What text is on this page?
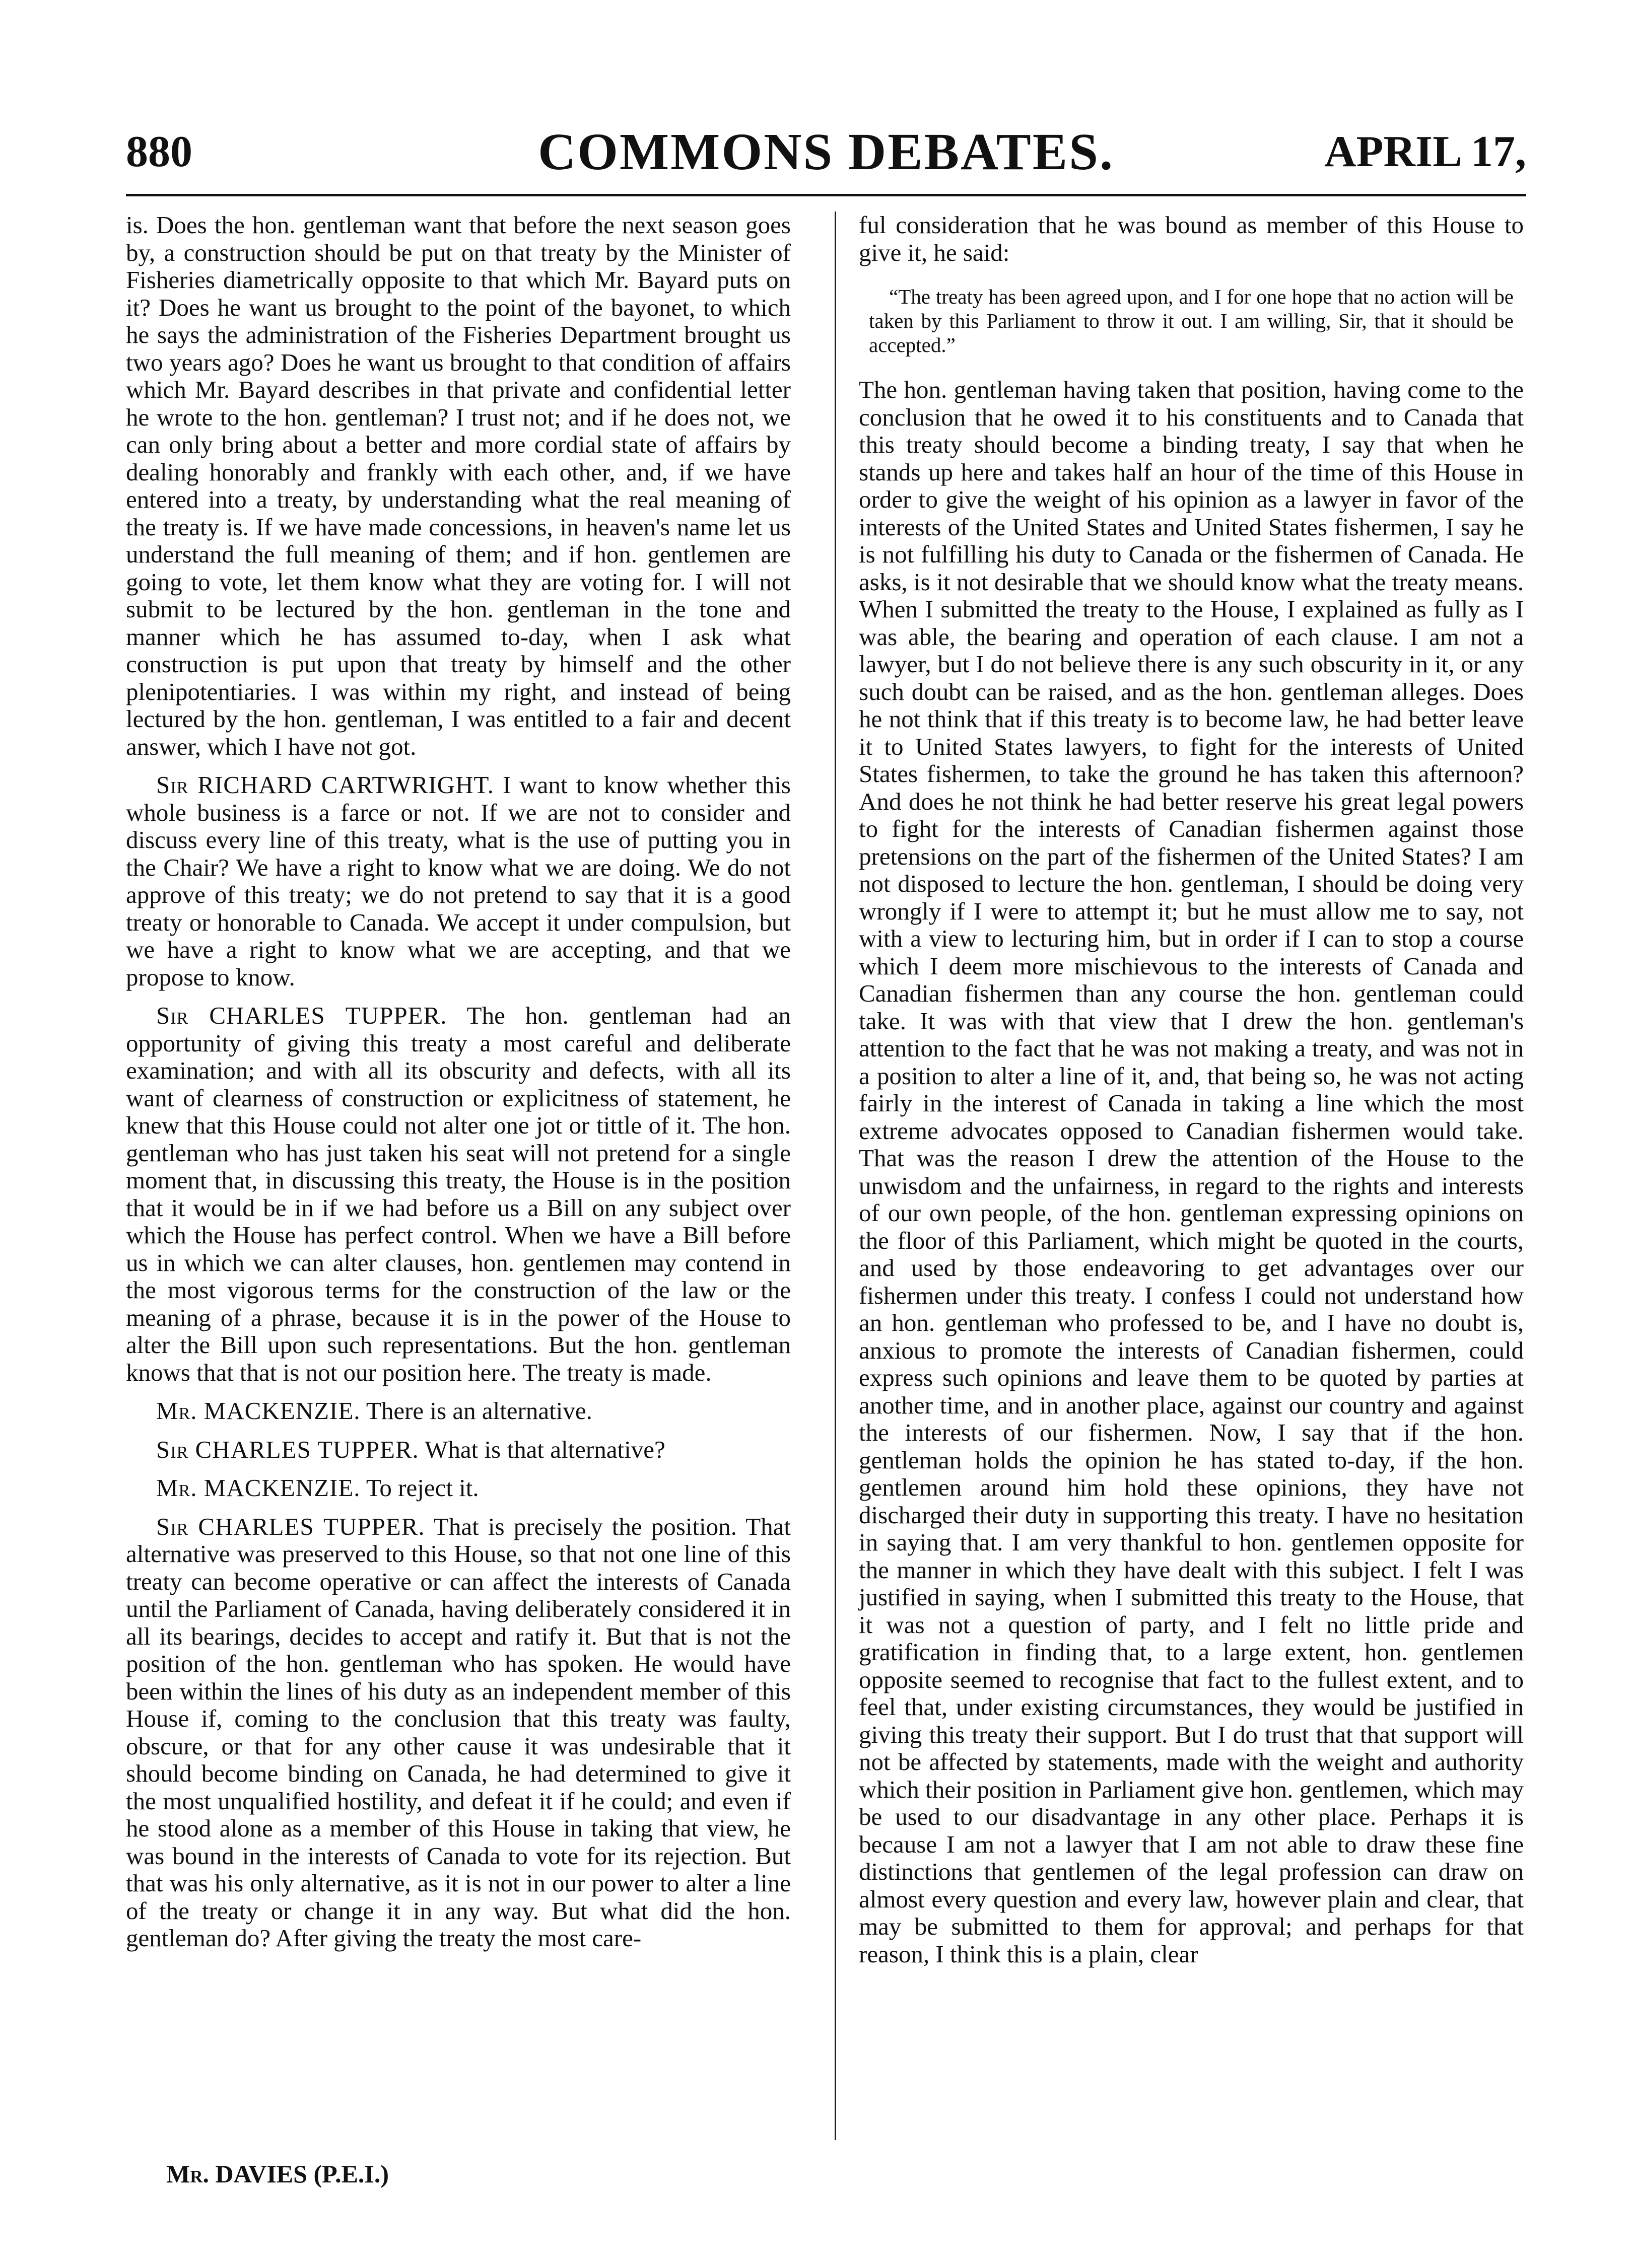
880	COMMONS DEBATES.	APRIL 17,

is. Does the hon. gentleman want that before the next season goes by, a construction should be put on that treaty by the Minister of Fisheries diametrically opposite to that which Mr. Bayard puts on it? Does he want us brought to the point of the bayonet, to which he says the administration of the Fisheries Department brought us two years ago? Does he want us brought to that condition of affairs which Mr. Bayard describes in that private and confidential letter he wrote to the hon. gentleman? I trust not; and if he does not, we can only bring about a better and more cordial state of affairs by dealing honorably and frankly with each other, and, if we have entered into a treaty, by understanding what the real meaning of the treaty is. If we have made concessions, in heaven's name let us understand the full meaning of them; and if hon. gentlemen are going to vote, let them know what they are voting for. I will not submit to be lectured by the hon. gentleman in the tone and manner which he has assumed to-day, when I ask what construction is put upon that treaty by himself and the other plenipotentiaries. I was within my right, and instead of being lectured by the hon. gentleman, I was entitled to a fair and decent answer, which I have not got.

Sir RICHARD CARTWRIGHT. I want to know whether this whole business is a farce or not. If we are not to consider and discuss every line of this treaty, what is the use of putting you in the Chair? We have a right to know what we are doing. We do not approve of this treaty; we do not pretend to say that it is a good treaty or honorable to Canada. We accept it under compulsion, but we have a right to know what we are accepting, and that we propose to know.

Sir CHARLES TUPPER. The hon. gentleman had an opportunity of giving this treaty a most careful and deliberate examination; and with all its obscurity and defects, with all its want of clearness of construction or explicitness of statement, he knew that this House could not alter one jot or tittle of it. The hon. gentleman who has just taken his seat will not pretend for a single moment that, in discussing this treaty, the House is in the position that it would be in if we had before us a Bill on any subject over which the House has perfect control. When we have a Bill before us in which we can alter clauses, hon. gentlemen may contend in the most vigorous terms for the construction of the law or the meaning of a phrase, because it is in the power of the House to alter the Bill upon such representations. But the hon. gentleman knows that that is not our position here. The treaty is made.

Mr. MACKENZIE. There is an alternative.

Sir CHARLES TUPPER. What is that alternative?

Mr. MACKENZIE. To reject it.

Sir CHARLES TUPPER. That is precisely the position. That alternative was preserved to this House, so that not one line of this treaty can become operative or can affect the interests of Canada until the Parliament of Canada, having deliberately considered it in all its bearings, decides to accept and ratify it. But that is not the position of the hon. gentleman who has spoken. He would have been within the lines of his duty as an independent member of this House if, coming to the conclusion that this treaty was faulty, obscure, or that for any other cause it was undesirable that it should become binding on Canada, he had determined to give it the most unqualified hostility, and defeat it if he could; and even if he stood alone as a member of this House in taking that view, he was bound in the interests of Canada to vote for its rejection. But that was his only alternative, as it is not in our power to alter a line of the treaty or change it in any way. But what did the hon. gentleman do? After giving the treaty the most care-

ful consideration that he was bound as member of this House to give it, he said:

“The treaty has been agreed upon, and I for one hope that no action will be taken by this Parliament to throw it out. I am willing, Sir, that it should be accepted.”

The hon. gentleman having taken that position, having come to the conclusion that he owed it to his constituents and to Canada that this treaty should become a binding treaty, I say that when he stands up here and takes half an hour of the time of this House in order to give the weight of his opinion as a lawyer in favor of the interests of the United States and United States fishermen, I say he is not fulfilling his duty to Canada or the fishermen of Canada. He asks, is it not desirable that we should know what the treaty means. When I submitted the treaty to the House, I explained as fully as I was able, the bearing and operation of each clause. I am not a lawyer, but I do not believe there is any such obscurity in it, or any such doubt can be raised, and as the hon. gentleman alleges. Does he not think that if this treaty is to become law, he had better leave it to United States lawyers, to fight for the interests of United States fishermen, to take the ground he has taken this afternoon? And does he not think he had better reserve his great legal powers to fight for the interests of Canadian fishermen against those pretensions on the part of the fishermen of the United States? I am not disposed to lecture the hon. gentleman, I should be doing very wrongly if I were to attempt it; but he must allow me to say, not with a view to lecturing him, but in order if I can to stop a course which I deem more mischievous to the interests of Canada and Canadian fishermen than any course the hon. gentleman could take. It was with that view that I drew the hon. gentleman's attention to the fact that he was not making a treaty, and was not in a position to alter a line of it, and, that being so, he was not acting fairly in the interest of Canada in taking a line which the most extreme advocates opposed to Canadian fishermen would take. That was the reason I drew the attention of the House to the unwisdom and the unfairness, in regard to the rights and interests of our own people, of the hon. gentleman expressing opinions on the floor of this Parliament, which might be quoted in the courts, and used by those endeavoring to get advantages over our fishermen under this treaty. I confess I could not understand how an hon. gentleman who professed to be, and I have no doubt is, anxious to promote the interests of Canadian fishermen, could express such opinions and leave them to be quoted by parties at another time, and in another place, against our country and against the interests of our fishermen. Now, I say that if the hon. gentleman holds the opinion he has stated to-day, if the hon. gentlemen around him hold these opinions, they have not discharged their duty in supporting this treaty. I have no hesitation in saying that. I am very thankful to hon. gentlemen opposite for the manner in which they have dealt with this subject. I felt I was justified in saying, when I submitted this treaty to the House, that it was not a question of party, and I felt no little pride and gratification in finding that, to a large extent, hon. gentlemen opposite seemed to recognise that fact to the fullest extent, and to feel that, under existing circumstances, they would be justified in giving this treaty their support. But I do trust that that support will not be affected by statements, made with the weight and authority which their position in Parliament give hon. gentlemen, which may be used to our disadvantage in any other place. Perhaps it is because I am not a lawyer that I am not able to draw these fine distinctions that gentlemen of the legal profession can draw on almost every question and every law, however plain and clear, that may be submitted to them for approval; and perhaps for that reason, I think this is a plain, clear

Mr. DAVIES (P.E.I.)
